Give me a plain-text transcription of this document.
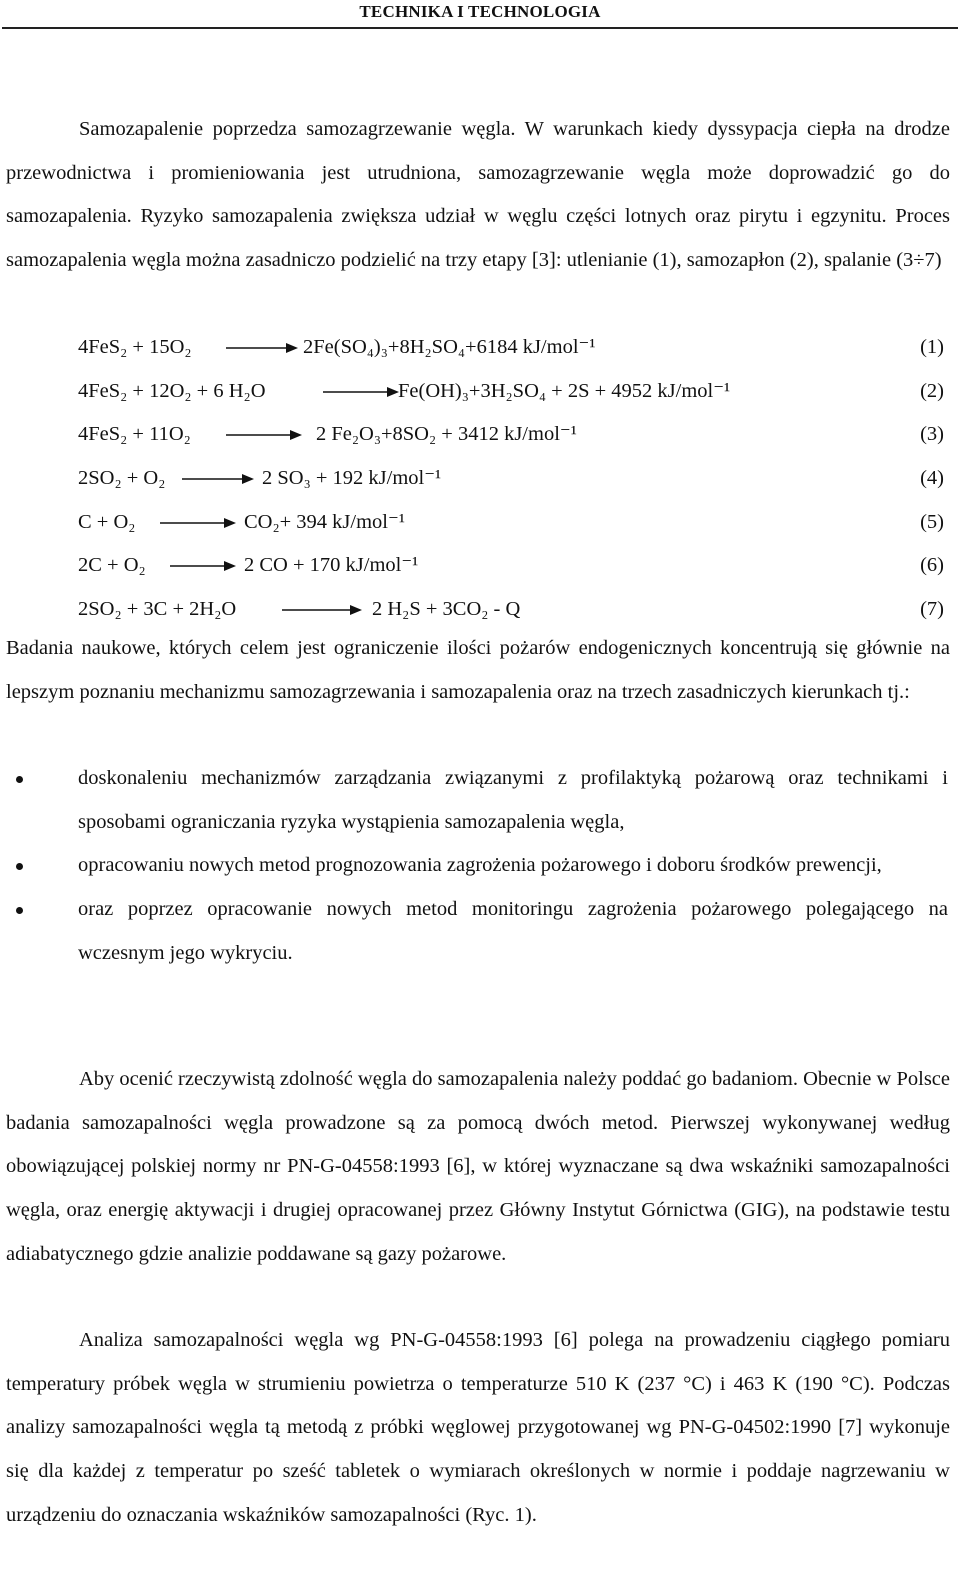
TECHNIKA I TECHNOLOGIA

Samozapalenie poprzedza samozagrzewanie węgla. W warunkach kiedy dyssypacja ciepła na drodze przewodnictwa i promieniowania jest utrudniona, samozagrzewanie węgla może doprowadzić go do samozapalenia. Ryzyko samozapalenia zwiększa udział w węglu części lotnych oraz pirytu i egzynitu. Proces samozapalenia węgla można zasadniczo podzielić na trzy etapy [3]: utlenianie (1), samozapłon (2), spalanie (3÷7)

4FeS₂ + 15O₂ → 2Fe(SO₄)₃+8H₂SO₄+6184 kJ/mol⁻¹	(1)
4FeS₂ + 12O₂ + 6 H₂O	→ Fe(OH)₃+3H₂SO₄ + 2S + 4952 kJ/mol⁻¹	(2)
4FeS₂ + 11O₂ → 2 Fe₂O₃+8SO₂ + 3412 kJ/mol⁻¹	(3)
2SO₂ + O₂ → 2 SO₃ + 192 kJ/mol⁻¹	(4)
C + O₂ → CO₂+ 394 kJ/mol⁻¹	(5)
2C + O₂ → 2 CO + 170 kJ/mol⁻¹	(6)
2SO₂ + 3C + 2H₂O → 2 H₂S + 3CO₂ - Q	(7)

Badania naukowe, których celem jest ograniczenie ilości pożarów endogenicznych koncentrują się głównie na lepszym poznaniu mechanizmu samozagrzewania i samozapalenia oraz na trzech zasadniczych kierunkach tj.:

doskonaleniu mechanizmów zarządzania związanymi z profilaktyką pożarową oraz technikami i sposobami ograniczania ryzyka wystąpienia samozapalenia węgla,
opracowaniu nowych metod prognozowania zagrożenia pożarowego i doboru środków prewencji,
oraz poprzez opracowanie nowych metod monitoringu zagrożenia pożarowego polegającego na wczesnym jego wykryciu.

Aby ocenić rzeczywistą zdolność węgla do samozapalenia należy poddać go badaniom. Obecnie w Polsce badania samozapalności węgla prowadzone są za pomocą dwóch metod. Pierwszej wykonywanej według obowiązującej polskiej normy nr PN-G-04558:1993 [6], w której wyznaczane są dwa wskaźniki samozapalności węgla, oraz energię aktywacji i drugiej opracowanej przez Główny Instytut Górnictwa (GIG), na podstawie testu adiabatycznego gdzie analizie poddawane są gazy pożarowe.

Analiza samozapalności węgla wg PN-G-04558:1993 [6] polega na prowadzeniu ciągłego pomiaru temperatury próbek węgla w strumieniu powietrza o temperaturze 510 K (237 °C) i 463 K (190 °C). Podczas analizy samozapalności węgla tą metodą z próbki węglowej przygotowanej wg PN-G-04502:1990 [7] wykonuje się dla każdej z temperatur po sześć tabletek o wymiarach określonych w normie i poddaje nagrzewaniu w urządzeniu do oznaczania wskaźników samozapalności (Ryc. 1).
